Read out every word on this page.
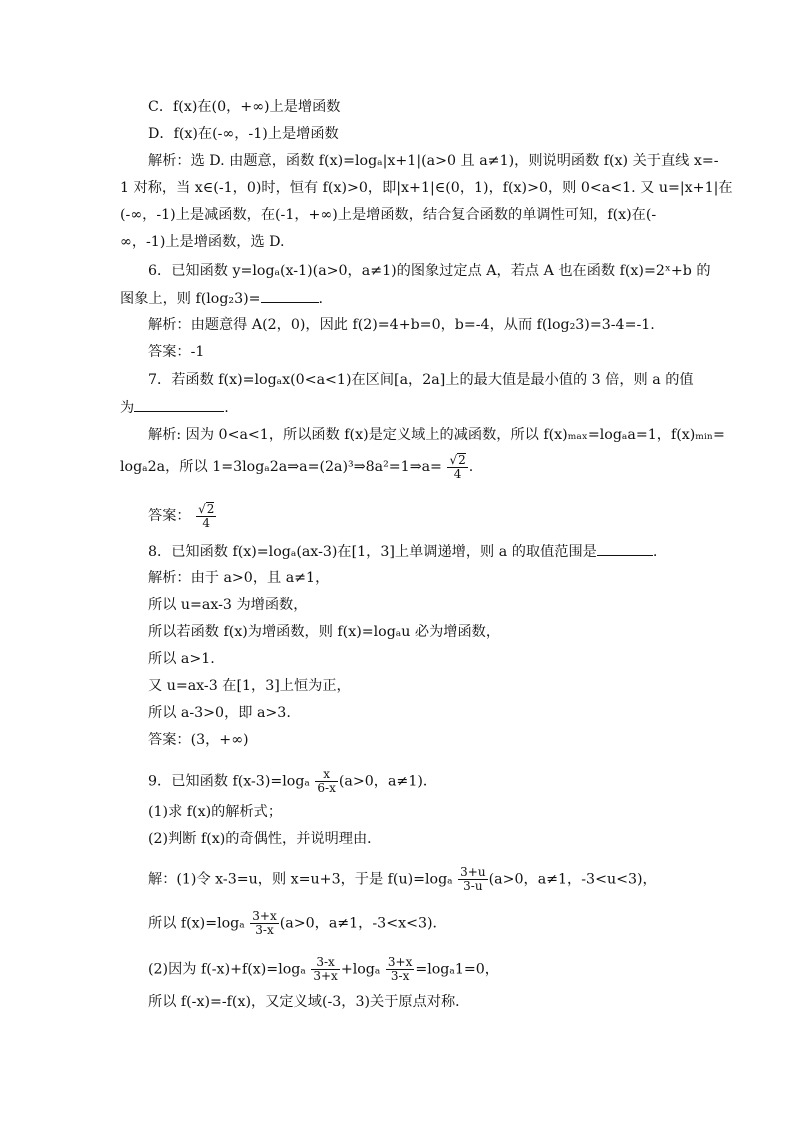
C．f(x)在(0，+∞)上是增函数
D．f(x)在(-∞，-1)上是增函数
解析：选 D. 由题意，函数 f(x)=logₐ|x+1|(a>0 且 a≠1)，则说明函数 f(x) 关于直线 x=-
1 对称，当 x∈(-1，0)时，恒有 f(x)>0，即|x+1|∈(0，1)，f(x)>0，则 0<a<1. 又 u=|x+1|在
(-∞，-1)上是减函数，在(-1，+∞)上是增函数，结合复合函数的单调性可知，f(x)在(-
∞，-1)上是增函数，选 D.
6．已知函数 y=logₐ(x-1)(a>0，a≠1)的图象过定点 A，若点 A 也在函数 f(x)=2ˣ+b 的
图象上，则 f(log₂3)=	.
解析：由题意得 A(2，0)，因此 f(2)=4+b=0，b=-4，从而 f(log₂3)=3-4=-1.
答案：-1
7．若函数 f(x)=logₐx(0<a<1)在区间[a，2a]上的最大值是最小值的 3 倍，则 a 的值
为	.
解析: 因为 0<a<1，所以函数 f(x)是定义域上的减函数，所以 f(x)ₘₐₓ=logₐa=1，f(x)ₘᵢₙ=
logₐ2a，所以 1=3logₐ2a⇒a=(2a)³⇒8a²=1⇒a= $\frac{√2}{4}$ .
答案： $\frac{√2}{4}$
8．已知函数 f(x)=logₐ(ax-3)在[1，3]上单调递增，则 a 的取值范围是	.
解析：由于 a>0，且 a≠1，
所以 u=ax-3 为增函数，
所以若函数 f(x)为增函数，则 f(x)=logₐu 必为增函数，
所以 a>1.
又 u=ax-3 在[1，3]上恒为正，
所以 a-3>0，即 a>3.
答案：(3，+∞)
9．已知函数 $f(x-3)=\log_a \frac{x}{6-x} (a>0$，a≠1)．
(1)求 f(x)的解析式；
(2)判断 f(x)的奇偶性，并说明理由．
解：(1)令 x-3=u，则 x=u+3，于是 $f(u)=\log_a \frac{3+u}{3-u} (a>0$，a≠1，-3<u<3)，
所以 $f(x)=\log_a \frac{3+x}{3-x} (a>0$，a≠1，-3<x<3)．
(2)因为 $f(-x)+f(x)=\log_a \frac{3-x}{3+x} +\log_a \frac{3+x}{3-x} =\log_a1=0$，
所以 f(-x)=-f(x)，又定义域(-3，3)关于原点对称．
